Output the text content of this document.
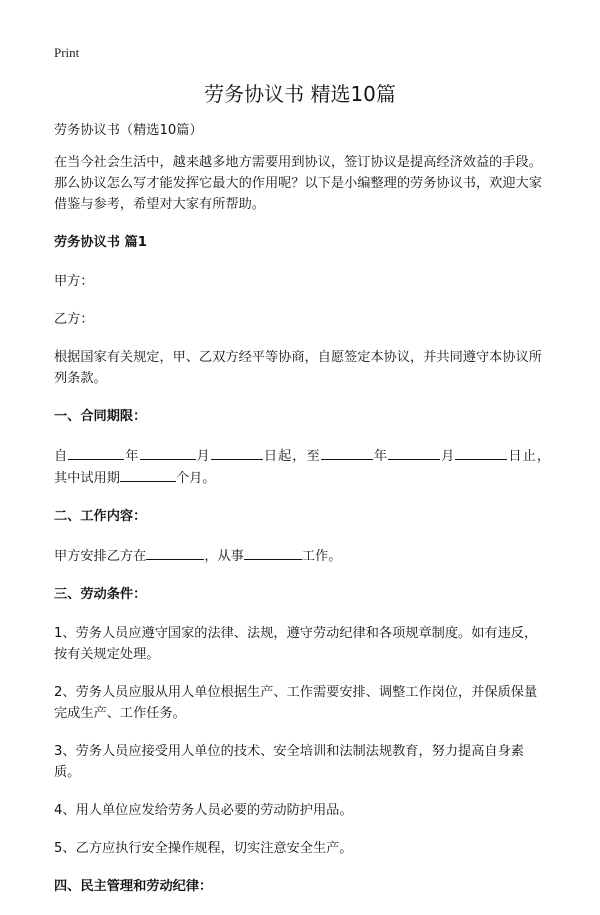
Print
劳务协议书 精选10篇

劳务协议书（精选10篇）

在当今社会生活中，越来越多地方需要用到协议，签订协议是提高经济效益的手段。那么协议怎么写才能发挥它最大的作用呢？以下是小编整理的劳务协议书，欢迎大家借鉴与参考，希望对大家有所帮助。

劳务协议书 篇1

甲方：

乙方：

根据国家有关规定，甲、乙双方经平等协商，自愿签定本协议，并共同遵守本协议所列条款。

一、合同期限：

自	年	月	日起，至	年	月	日止，

其中试用期	个月。

二、工作内容：

甲方安排乙方在	，从事	工作。

三、劳动条件：

1、劳务人员应遵守国家的法律、法规，遵守劳动纪律和各项规章制度。如有违反，按有关规定处理。

2、劳务人员应服从用人单位根据生产、工作需要安排、调整工作岗位，并保质保量完成生产、工作任务。

3、劳务人员应接受用人单位的技术、安全培训和法制法规教育，努力提高自身素质。

4、用人单位应发给劳务人员必要的劳动防护用品。

5、乙方应执行安全操作规程，切实注意安全生产。

四、民主管理和劳动纪律：
